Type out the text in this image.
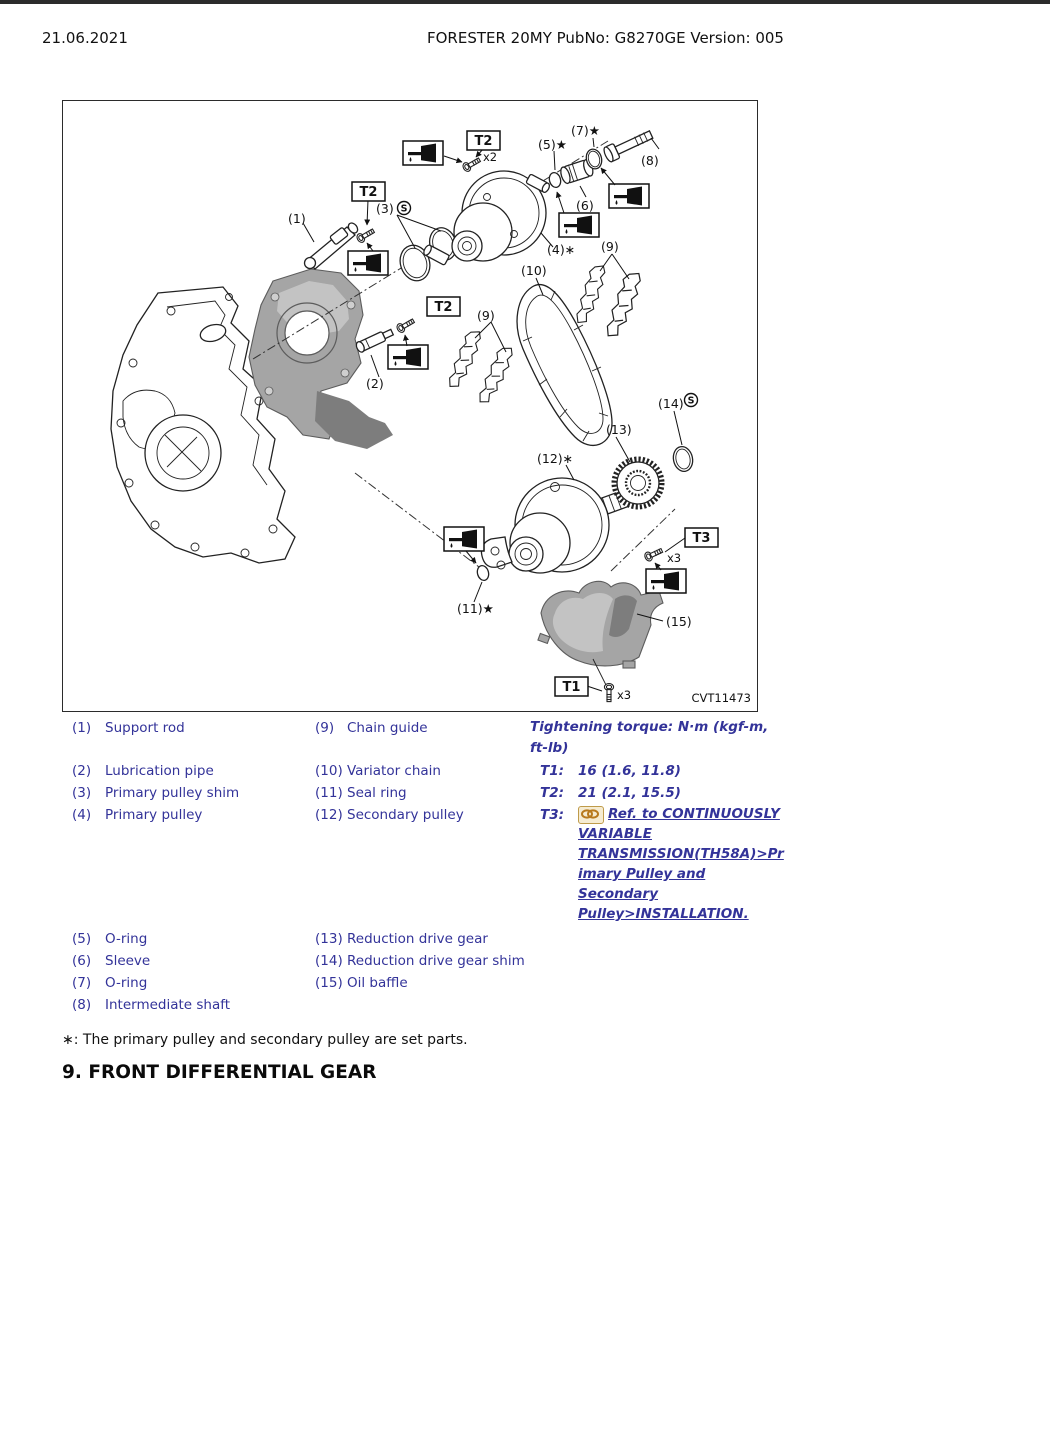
21.06.2021	FORESTER 20MY PubNo: G8270GE Version: 005
T2
T2
T2
T3
T1
x2
x3
x3
S
S
(1)
(2)
(3)
(4)∗
(5)★
(6)
(7)★
(8)
(9)
(9)
(10)
(11)★
(12)∗
(13)
(14)
(15)
CVT11473
(1) Support rod	(9) Chain guide	Tightening torque: N·m (kgf-m, ft-lb)
(2) Lubrication pipe	(10) Variator chain	T1:	16 (1.6, 11.8)
(3) Primary pulley shim	(11) Seal ring	T2:	21 (2.1, 15.5)
(4) Primary pulley	(12) Secondary pulley	T3:	Ref. to CONTINUOUSLY VARIABLE TRANSMISSION(TH58A)>Primary Pulley and Secondary Pulley>INSTALLATION.
(5) O-ring	(13) Reduction drive gear
(6) Sleeve	(14) Reduction drive gear shim
(7) O-ring	(15) Oil baffle
(8) Intermediate shaft
∗: The primary pulley and secondary pulley are set parts.
9. FRONT DIFFERENTIAL GEAR
